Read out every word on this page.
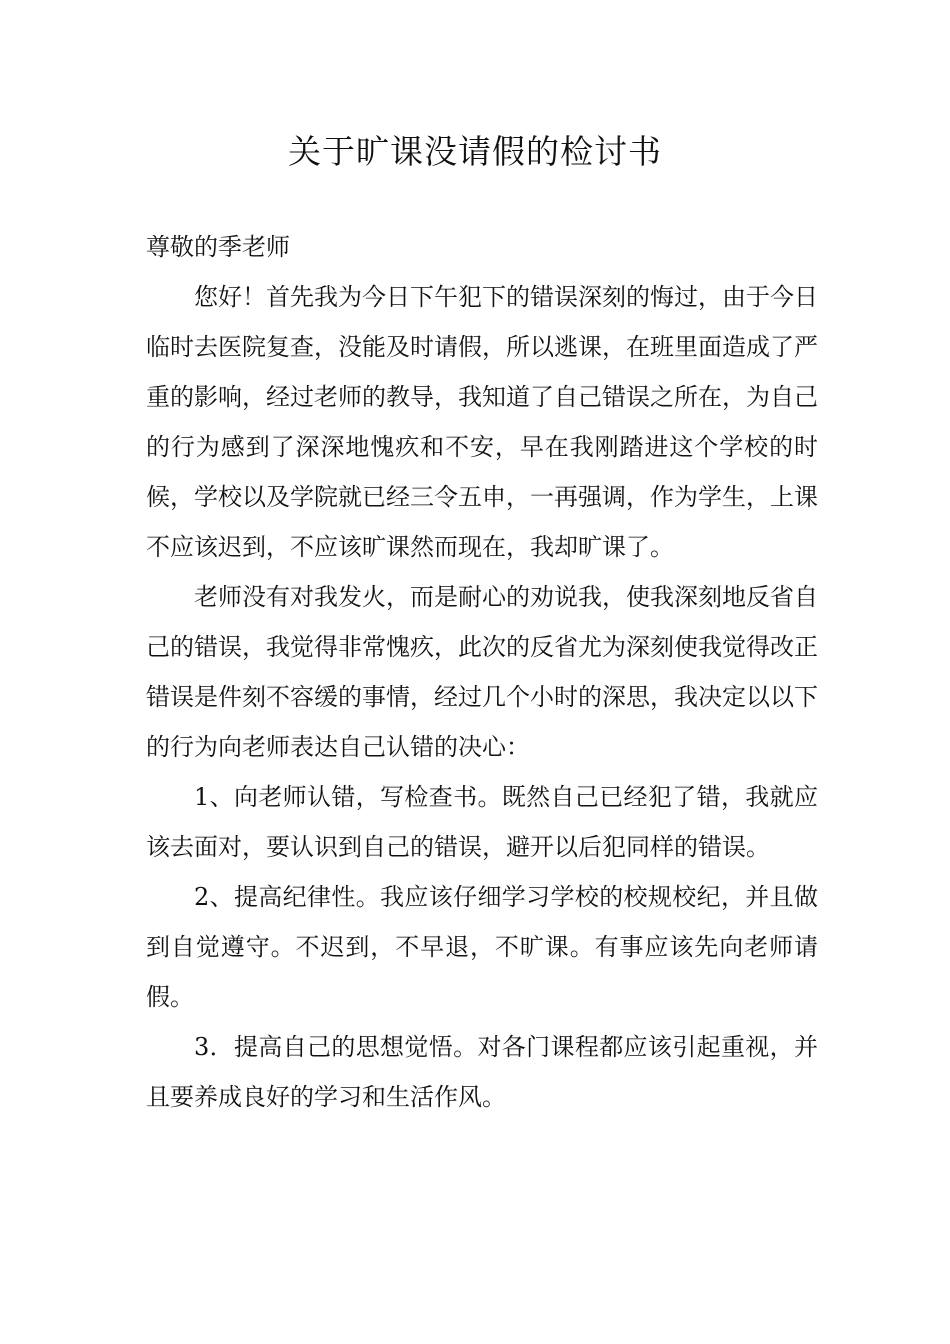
关于旷课没请假的检讨书

尊敬的季老师

您好！首先我为今日下午犯下的错误深刻的悔过，由于今日临时去医院复查，没能及时请假，所以逃课，在班里面造成了严重的影响，经过老师的教导，我知道了自己错误之所在，为自己的行为感到了深深地愧疚和不安，早在我刚踏进这个学校的时候，学校以及学院就已经三令五申，一再强调，作为学生，上课不应该迟到，不应该旷课然而现在，我却旷课了。

老师没有对我发火，而是耐心的劝说我，使我深刻地反省自己的错误，我觉得非常愧疚，此次的反省尤为深刻使我觉得改正错误是件刻不容缓的事情，经过几个小时的深思，我决定以以下的行为向老师表达自己认错的决心：

1、向老师认错，写检查书。既然自己已经犯了错，我就应该去面对，要认识到自己的错误，避开以后犯同样的错误。

2、提高纪律性。我应该仔细学习学校的校规校纪，并且做到自觉遵守。不迟到，不早退，不旷课。有事应该先向老师请假。

3．提高自己的思想觉悟。对各门课程都应该引起重视，并且要养成良好的学习和生活作风。
